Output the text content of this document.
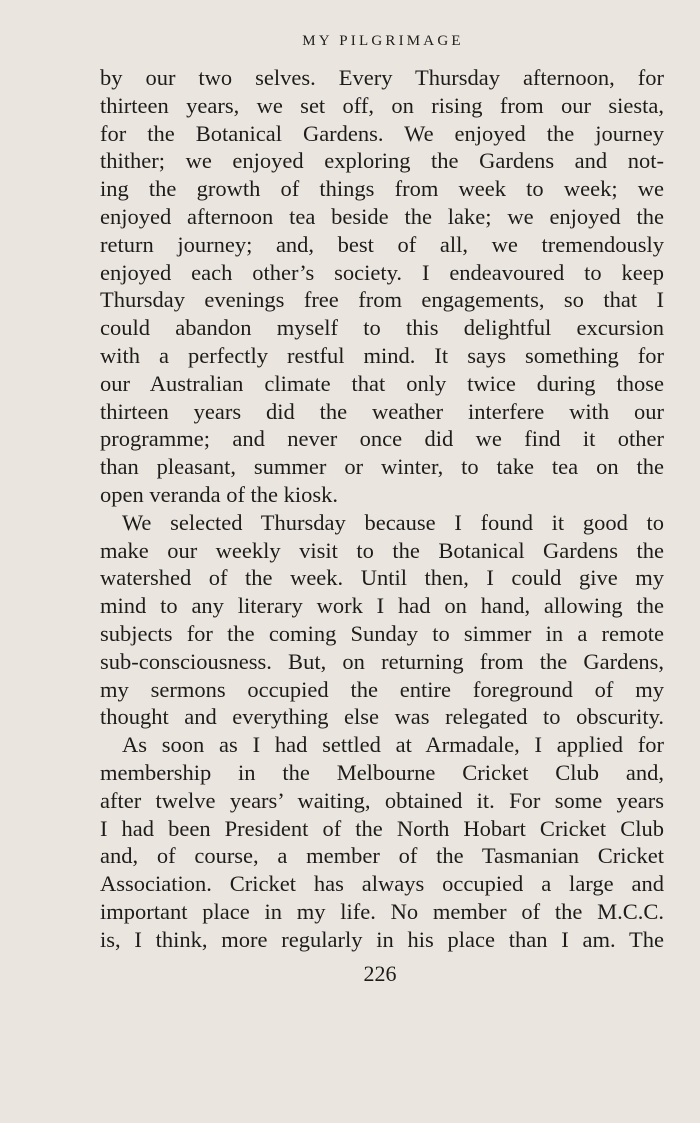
MY PILGRIMAGE
by our two selves. Every Thursday afternoon, for
thirteen years, we set off, on rising from our siesta,
for the Botanical Gardens. We enjoyed the journey
thither; we enjoyed exploring the Gardens and not-
ing the growth of things from week to week; we
enjoyed afternoon tea beside the lake; we enjoyed the
return journey; and, best of all, we tremendously
enjoyed each other’s society. I endeavoured to keep
Thursday evenings free from engagements, so that I
could abandon myself to this delightful excursion
with a perfectly restful mind. It says something for
our Australian climate that only twice during those
thirteen years did the weather interfere with our
programme; and never once did we find it other
than pleasant, summer or winter, to take tea on the
open veranda of the kiosk.
We selected Thursday because I found it good to
make our weekly visit to the Botanical Gardens the
watershed of the week. Until then, I could give my
mind to any literary work I had on hand, allowing the
subjects for the coming Sunday to simmer in a remote
sub-consciousness. But, on returning from the Gardens,
my sermons occupied the entire foreground of my
thought and everything else was relegated to obscurity.
As soon as I had settled at Armadale, I applied for
membership in the Melbourne Cricket Club and,
after twelve years’ waiting, obtained it. For some years
I had been President of the North Hobart Cricket Club
and, of course, a member of the Tasmanian Cricket
Association. Cricket has always occupied a large and
important place in my life. No member of the M.C.C.
is, I think, more regularly in his place than I am. The
226
